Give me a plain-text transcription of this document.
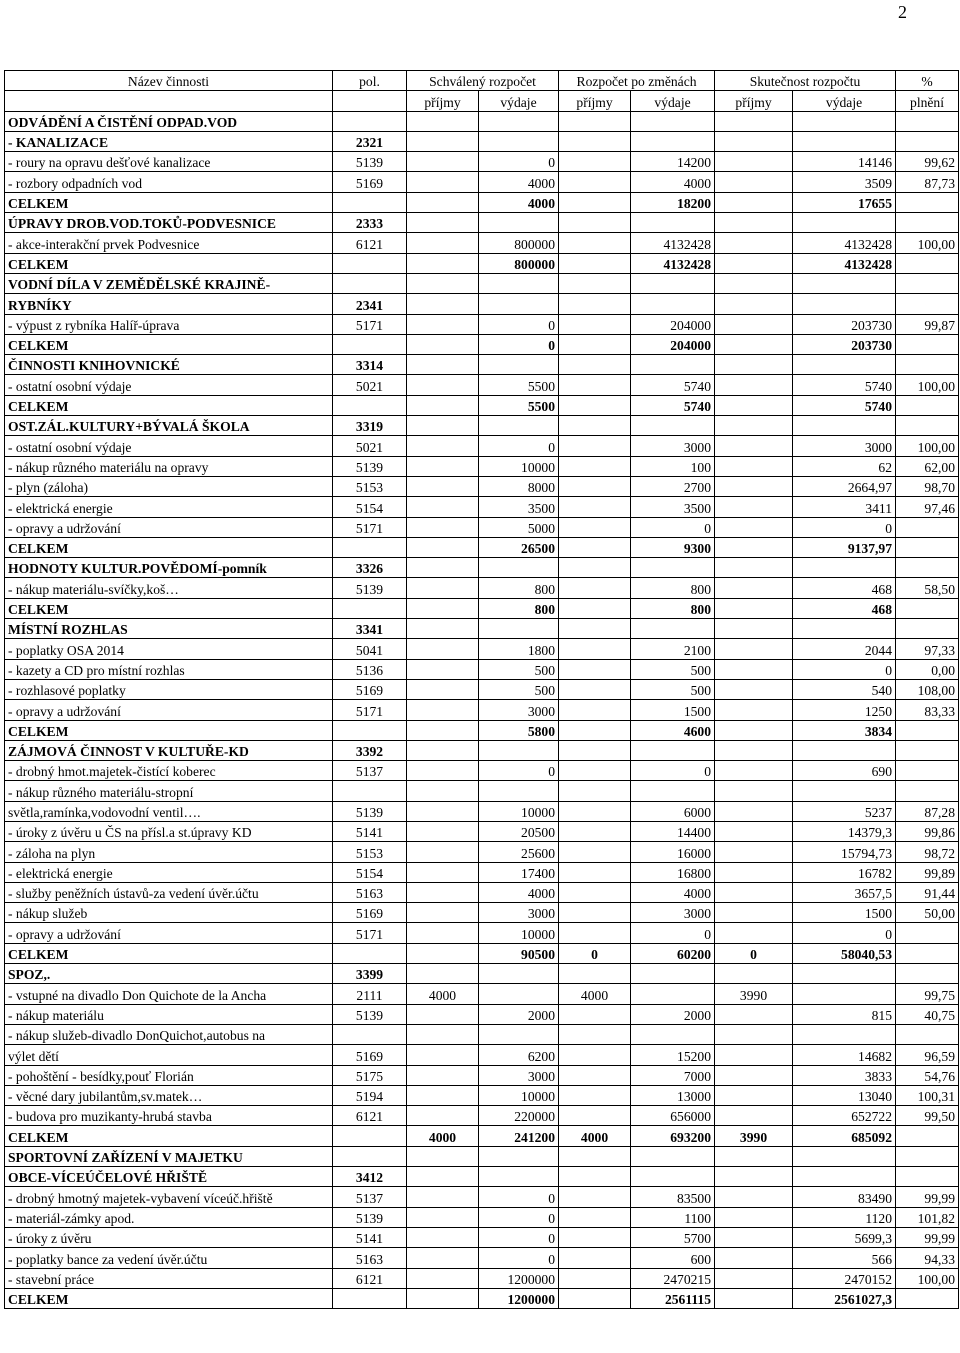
2
Název činnosti	pol.	Schválený rozpočet		Rozpočet po změnách		Skutečnost rozpočtu		%
		příjmy	výdaje	příjmy	výdaje	příjmy	výdaje	plnění
ODVÁDĚNÍ A ČISTĚNÍ ODPAD.VOD								
- KANALIZACE	2321							
- roury na opravu dešťové kanalizace	5139		0		14200		14146	99,62
- rozbory odpadních vod	5169		4000		4000		3509	87,73
CELKEM			4000		18200		17655	
ÚPRAVY DROB.VOD.TOKŮ-PODVESNICE	2333							
- akce-interakční prvek Podvesnice	6121		800000		4132428		4132428	100,00
CELKEM			800000		4132428		4132428	
VODNÍ DÍLA V ZEMĚDĚLSKÉ KRAJINĚ-								
RYBNÍKY	2341							
- výpust z rybníka Halíř-úprava	5171		0		204000		203730	99,87
CELKEM			0		204000		203730	
ČINNOSTI KNIHOVNICKÉ	3314							
- ostatní osobní výdaje	5021		5500		5740		5740	100,00
CELKEM			5500		5740		5740	
OST.ZÁL.KULTURY+BÝVALÁ ŠKOLA	3319							
- ostatní osobní výdaje	5021		0		3000		3000	100,00
- nákup různého materiálu na opravy	5139		10000		100		62	62,00
- plyn (záloha)	5153		8000		2700		2664,97	98,70
- elektrická energie	5154		3500		3500		3411	97,46
- opravy a udržování	5171		5000		0		0	
CELKEM			26500		9300		9137,97	
HODNOTY KULTUR.POVĚDOMÍ-pomník	3326							
- nákup materiálu-svíčky,koš…	5139		800		800		468	58,50
CELKEM			800		800		468	
MÍSTNÍ ROZHLAS	3341							
- poplatky OSA 2014	5041		1800		2100		2044	97,33
- kazety a CD pro místní rozhlas	5136		500		500		0	0,00
- rozhlasové poplatky	5169		500		500		540	108,00
- opravy a udržování	5171		3000		1500		1250	83,33
CELKEM			5800		4600		3834	
ZÁJMOVÁ ČINNOST V KULTUŘE-KD	3392							
- drobný hmot.majetek-čistící koberec	5137		0		0		690	
- nákup různého materiálu-stropní								
světla,ramínka,vodovodní ventil….	5139		10000		6000		5237	87,28
- úroky z úvěru u ČS na přísl.a st.úpravy KD	5141		20500		14400		14379,3	99,86
- záloha na plyn	5153		25600		16000		15794,73	98,72
- elektrická energie	5154		17400		16800		16782	99,89
- služby peněžních ústavů-za vedení úvěr.účtu	5163		4000		4000		3657,5	91,44
- nákup služeb	5169		3000		3000		1500	50,00
- opravy a udržování	5171		10000		0		0	
CELKEM			90500	0	60200	0	58040,53	
SPOZ,.	3399							
- vstupné na divadlo Don Quichote de la Ancha	2111	4000		4000		3990		99,75
- nákup materiálu	5139		2000		2000		815	40,75
- nákup služeb-divadlo DonQuichot,autobus na								
výlet dětí	5169		6200		15200		14682	96,59
- pohoštění - besídky,pouť Florián	5175		3000		7000		3833	54,76
- věcné dary jubilantům,sv.matek…	5194		10000		13000		13040	100,31
- budova pro muzikanty-hrubá stavba	6121		220000		656000		652722	99,50
CELKEM		4000	241200	4000	693200	3990	685092	
SPORTOVNÍ ZAŘÍZENÍ V MAJETKU								
OBCE-VÍCEÚČELOVÉ HŘIŠTĚ	3412							
- drobný hmotný majetek-vybavení víceúč.hřiště	5137		0		83500		83490	99,99
- materiál-zámky apod.	5139		0		1100		1120	101,82
- úroky z úvěru	5141		0		5700		5699,3	99,99
- poplatky bance za vedení úvěr.účtu	5163		0		600		566	94,33
- stavební práce	6121		1200000		2470215		2470152	100,00
CELKEM			1200000		2561115		2561027,3	
